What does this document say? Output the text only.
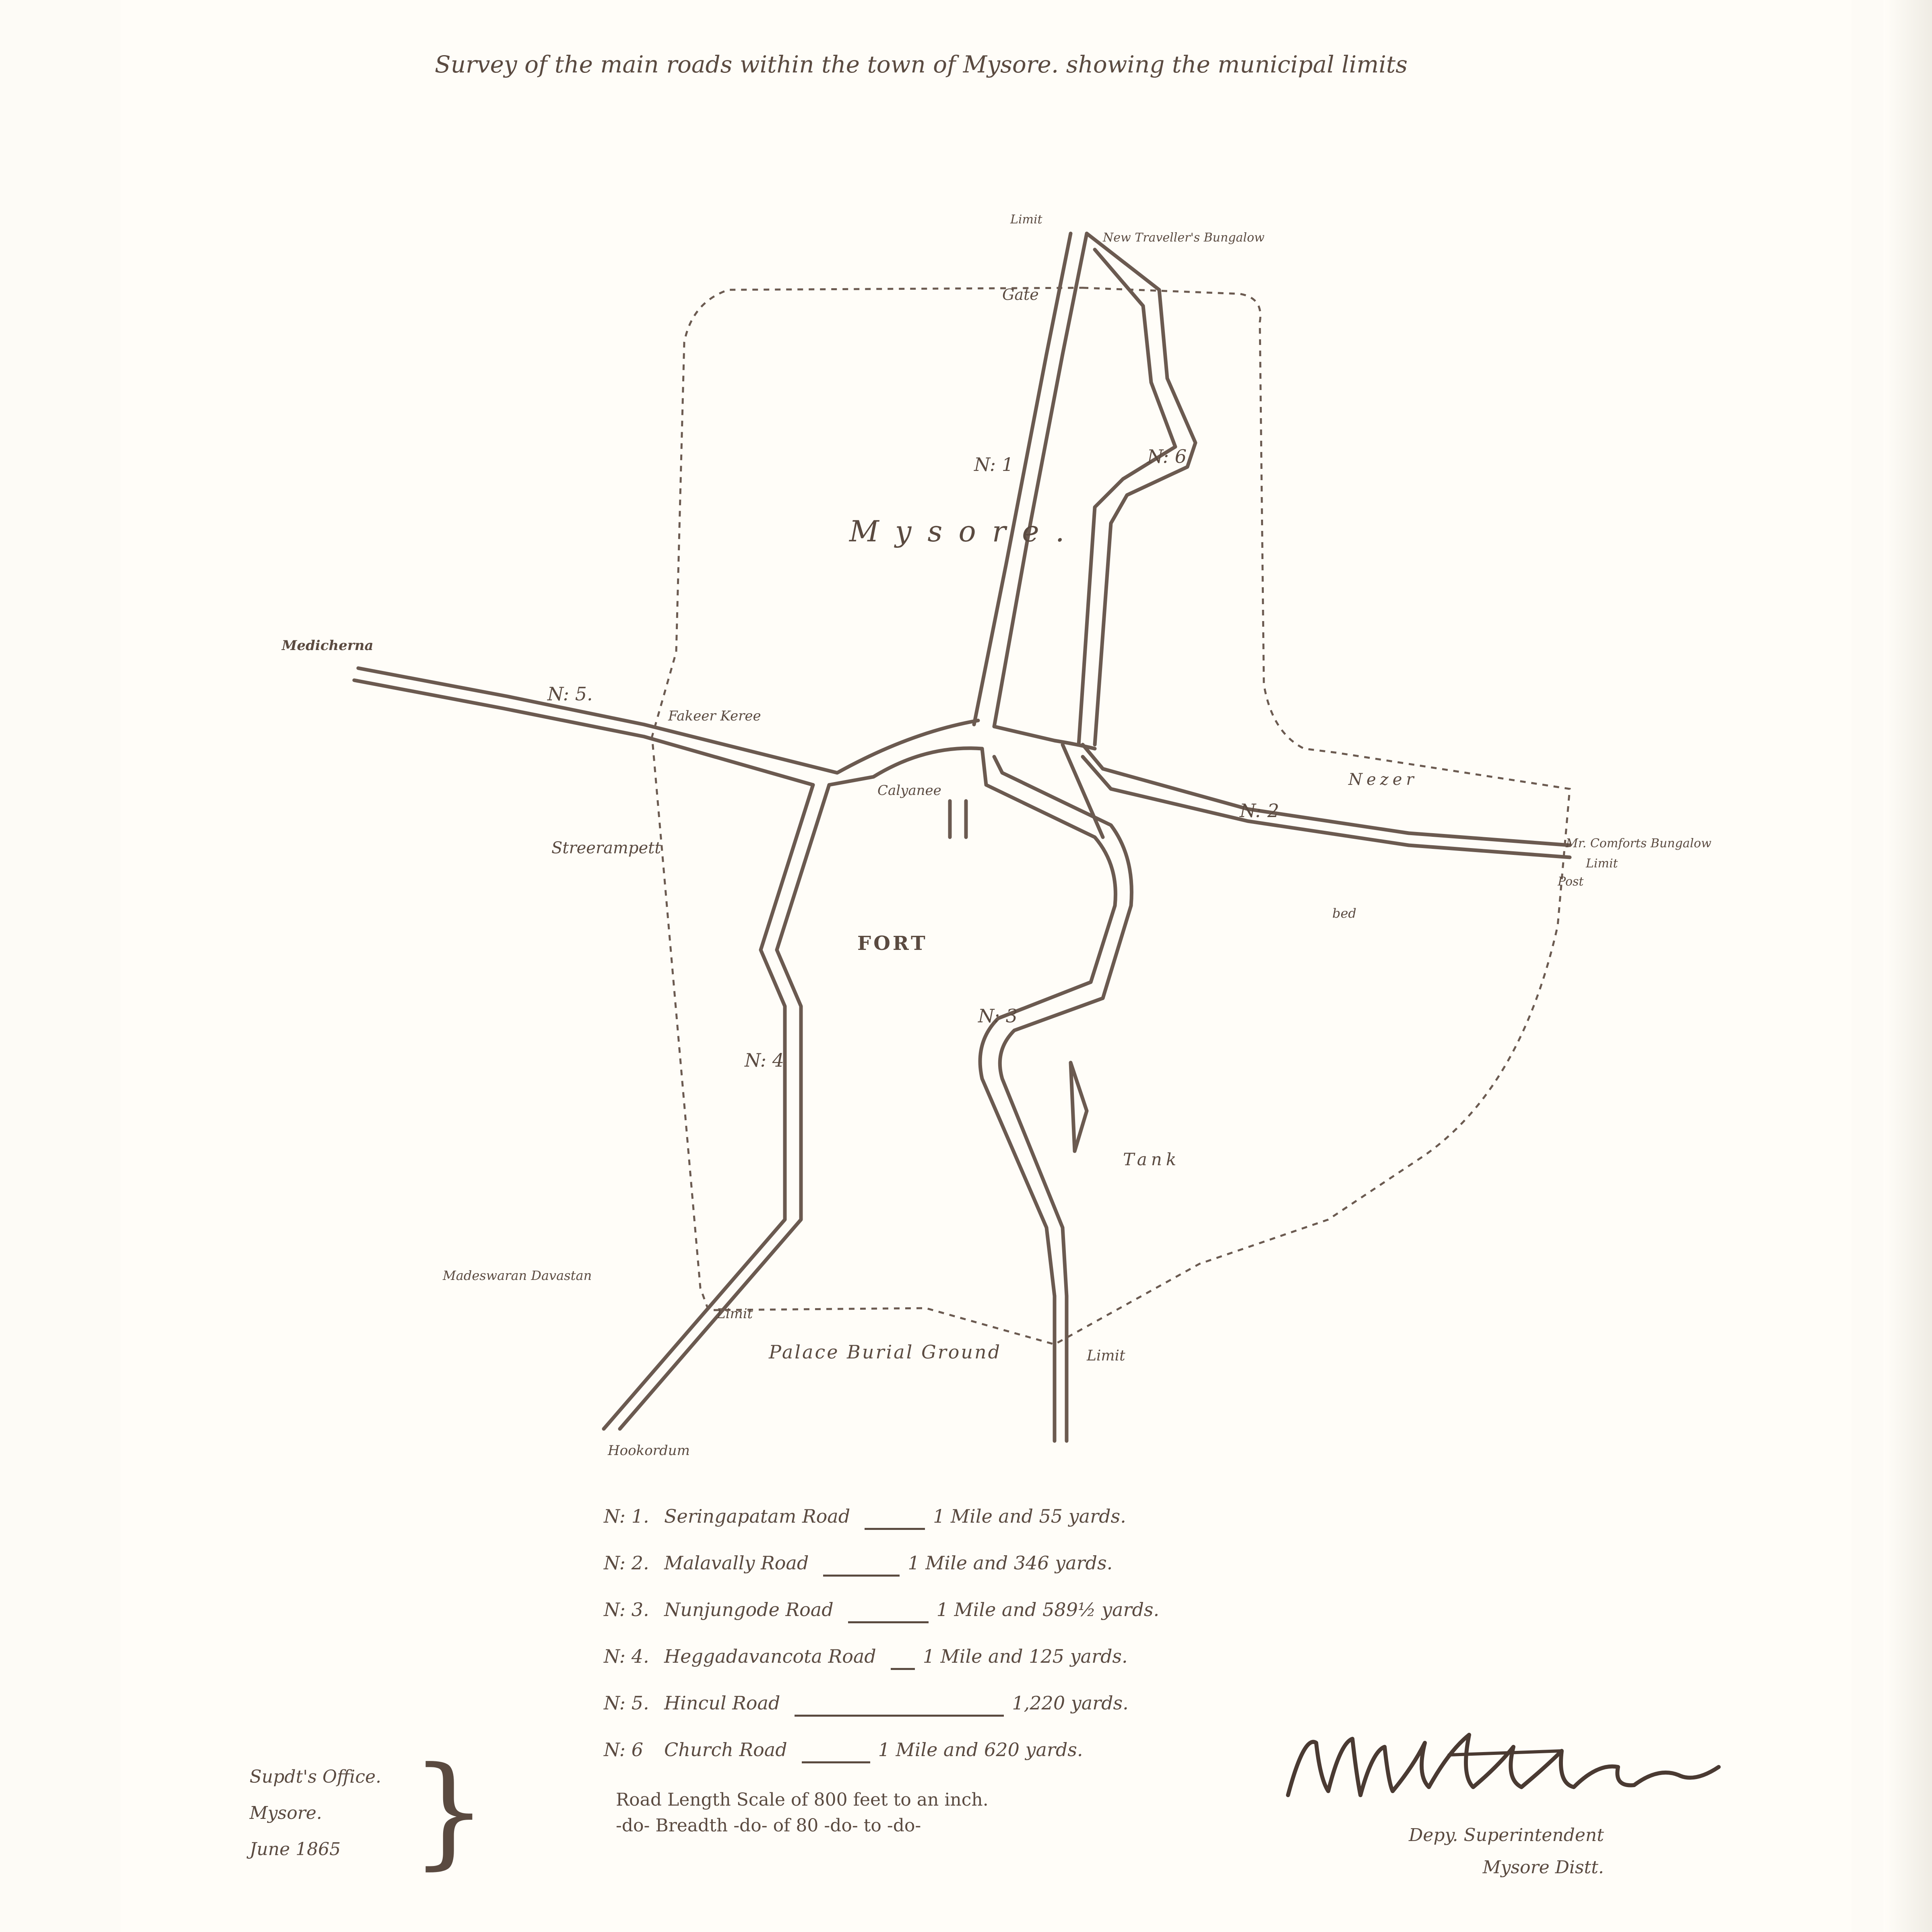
Survey of the main roads within the town of Mysore. showing the municipal limits
Limit
New Traveller's Bungalow
Gate
N: 1	N: 6
Mysore.
Medicherna
N: 5.
Fakeer Keree
Calyanee
Nezer
N: 2
Mr. Comforts Bungalow
Limit
Post
Streerampett
bed
FORT
N: 3
N: 4
Tank
Madeswaran Davastan
Limit
Palace Burial Ground	Limit
Hookordum
N: 1. Seringapatam Road	1 Mile and 55 yards.
N: 2. Malavally Road	1 Mile and 346 yards.
N: 3. Nunjungode Road	1 Mile and 589½ yards.
N: 4. Heggadavancota Road	1 Mile and 125 yards.
N: 5. Hincul Road	1,220 yards.
N: 6	Church Road	1 Mile and 620 yards.
Road Length Scale of 800 feet to an inch.
-do- Breadth -do- of 80 -do- to -do-
Supdt's Office.
Mysore.
June 1865 }	Depy. Superintendent
Mysore Distt.
